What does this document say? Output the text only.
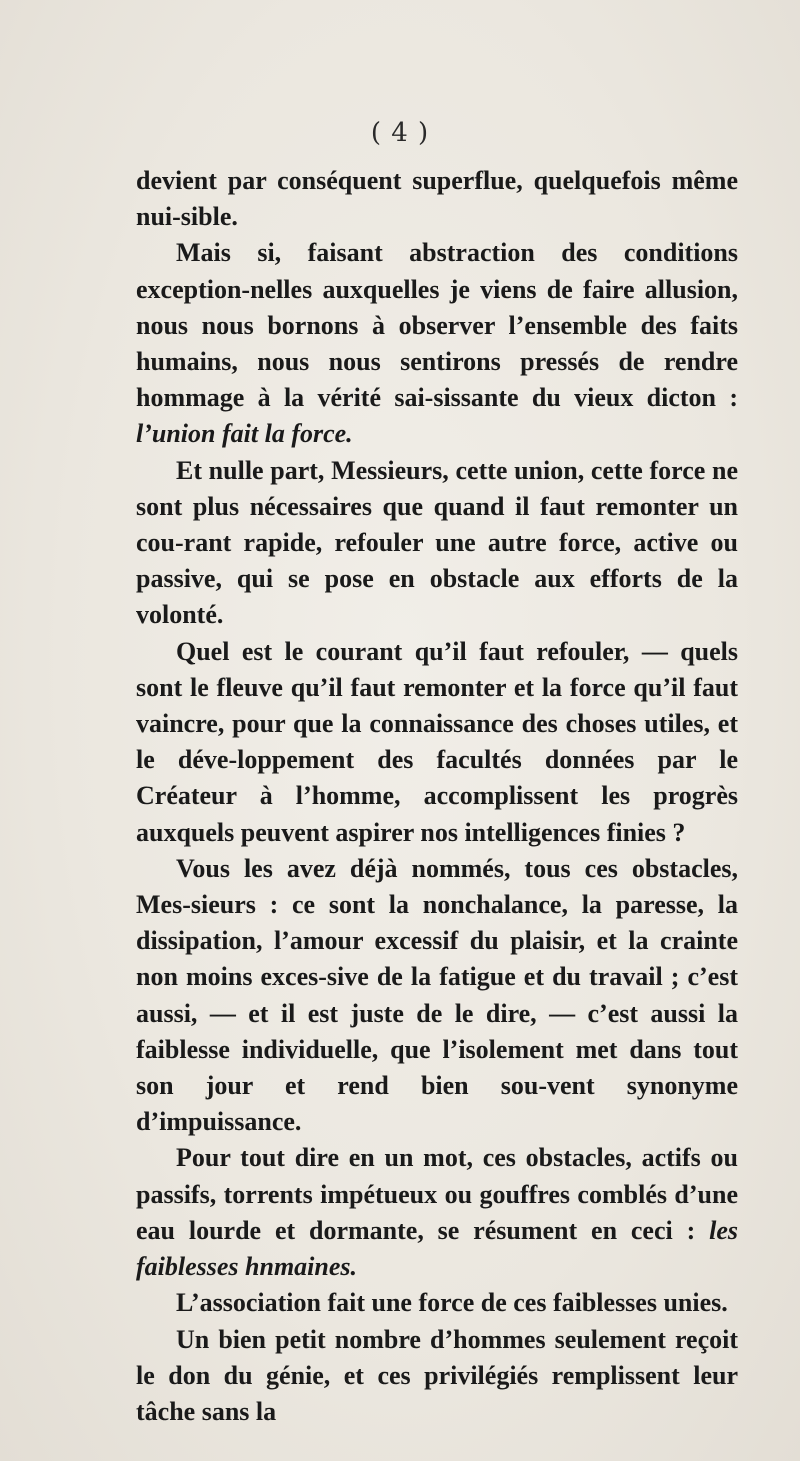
( 4 )

devient par conséquent superflue, quelquefois même nui-sible.

Mais si, faisant abstraction des conditions exception-nelles auxquelles je viens de faire allusion, nous nous bornons à observer l’ensemble des faits humains, nous nous sentirons pressés de rendre hommage à la vérité sai-sissante du vieux dicton : l’union fait la force.

Et nulle part, Messieurs, cette union, cette force ne sont plus nécessaires que quand il faut remonter un cou-rant rapide, refouler une autre force, active ou passive, qui se pose en obstacle aux efforts de la volonté.

Quel est le courant qu’il faut refouler, — quels sont le fleuve qu’il faut remonter et la force qu’il faut vaincre, pour que la connaissance des choses utiles, et le déve-loppement des facultés données par le Créateur à l’homme, accomplissent les progrès auxquels peuvent aspirer nos intelligences finies ?

Vous les avez déjà nommés, tous ces obstacles, Mes-sieurs : ce sont la nonchalance, la paresse, la dissipation, l’amour excessif du plaisir, et la crainte non moins exces-sive de la fatigue et du travail ; c’est aussi, — et il est juste de le dire, — c’est aussi la faiblesse individuelle, que l’isolement met dans tout son jour et rend bien sou-vent synonyme d’impuissance.

Pour tout dire en un mot, ces obstacles, actifs ou passifs, torrents impétueux ou gouffres comblés d’une eau lourde et dormante, se résument en ceci : les faiblesses hnmaines.

L’association fait une force de ces faiblesses unies.

Un bien petit nombre d’hommes seulement reçoit le don du génie, et ces privilégiés remplissent leur tâche sans la
